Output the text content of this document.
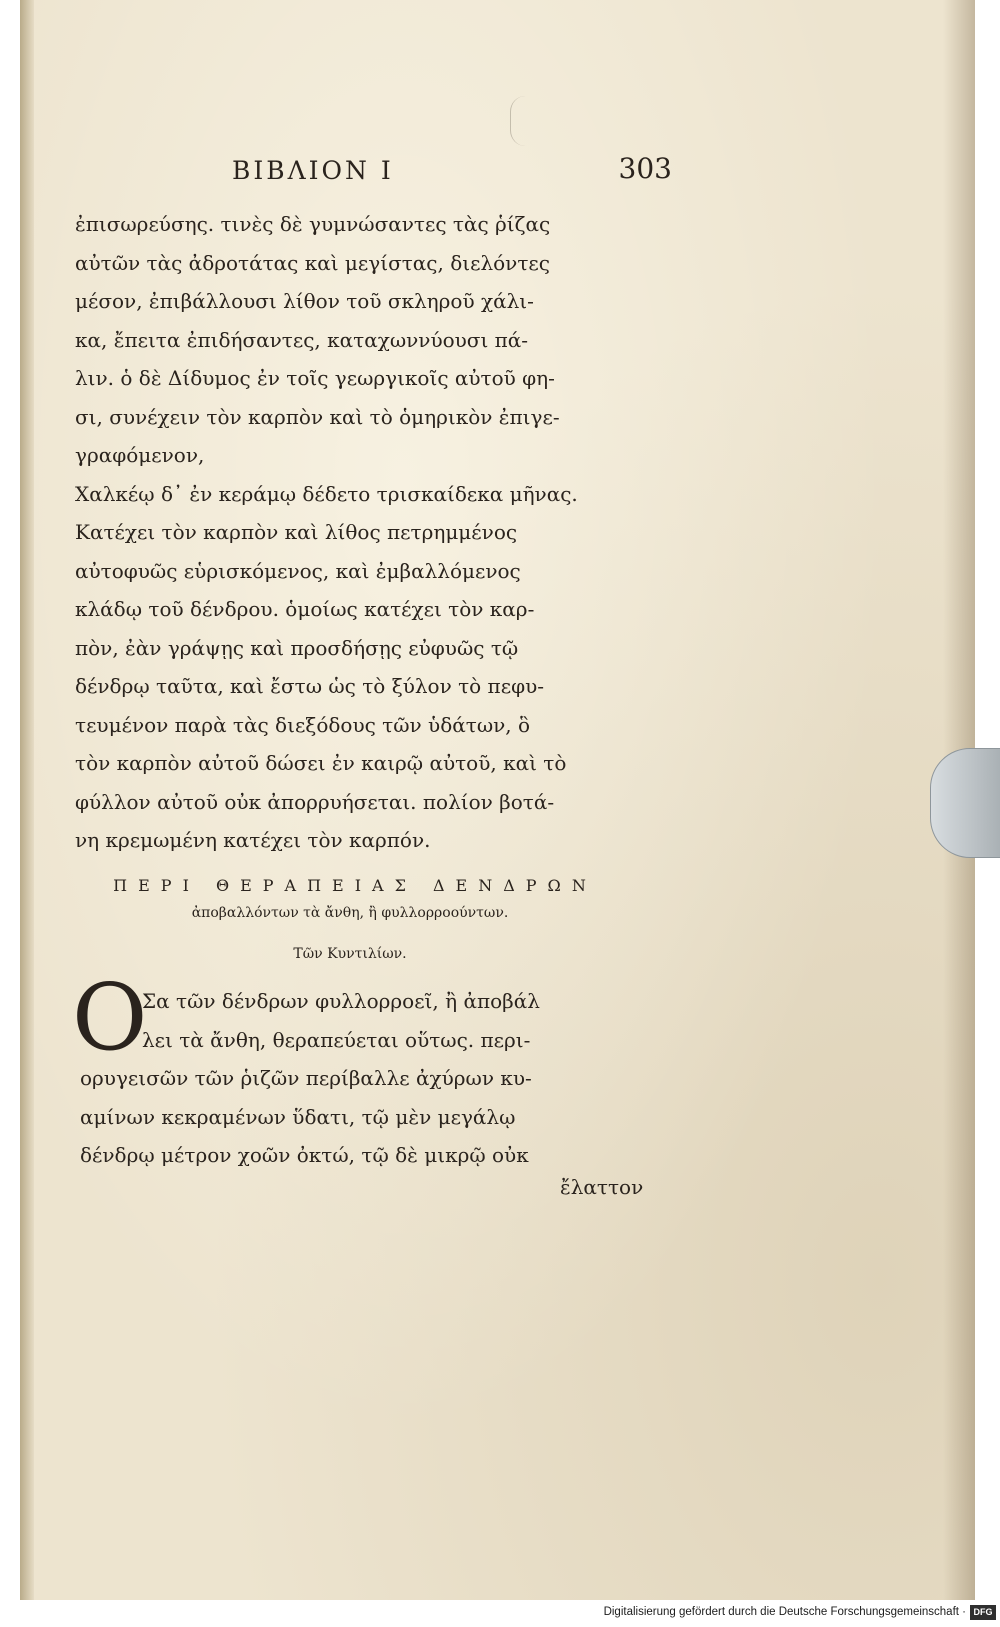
ΒΙΒΛΙΟΝ Ι	303
ἐπισωρεύσης. τινὲς δὲ γυμνώσαντες τὰς ῥίζας
αὐτῶν τὰς ἀδροτάτας καὶ μεγίστας, διελόντες
μέσον, ἐπιβάλλουσι λίθον τοῦ σκληροῦ χάλι-
κα, ἔπειτα ἐπιδήσαντες, καταχωννύουσι πά-
λιν. ὁ δὲ Δίδυμος ἐν τοῖς γεωργικοῖς αὐτοῦ φη-
σι, συνέχειν τὸν καρπὸν καὶ τὸ ὁμηρικὸν ἐπιγε-
γραφόμενον,
Χαλκέῳ δ᾽ ἐν κεράμῳ δέδετο τρισκαίδεκα μῆνας.
Κατέχει τὸν καρπὸν καὶ λίθος πετρημμένος
αὐτοφυῶς εὑρισκόμενος, καὶ ἐμβαλλόμενος
κλάδῳ τοῦ δένδρου. ὁμοίως κατέχει τὸν καρ-
πὸν, ἐὰν γράψῃς καὶ προσδήσῃς εὐφυῶς τῷ
δένδρῳ ταῦτα, καὶ ἔστω ὡς τὸ ξύλον τὸ πεφυ-
τευμένον παρὰ τὰς διεξόδους τῶν ὑδάτων, ὃ
τὸν καρπὸν αὐτοῦ δώσει ἐν καιρῷ αὐτοῦ, καὶ τὸ
φύλλον αὐτοῦ οὐκ ἀπορρυήσεται. πολίον βοτά-
νη κρεμωμένη κατέχει τὸν καρπόν.
ΠΕΡΙ ΘΕΡΑΠΕΙΑΣ ΔΕΝΔΡΩΝ
ἀποβαλλόντων τὰ ἄνθη, ἢ φυλλορροούντων.
Τῶν Κυντιλίων.
Ο
Σα τῶν δένδρων φυλλορροεῖ, ἢ ἀποβάλ
λει τὰ ἄνθη, θεραπεύεται οὕτως. περι-
ορυγεισῶν τῶν ῥιζῶν περίβαλλε ἀχύρων κυ-
αμίνων κεκραμένων ὕδατι, τῷ μὲν μεγάλῳ
δένδρῳ μέτρον χοῶν ὀκτώ, τῷ δὲ μικρῷ οὐκ
ἔλαττον
Digitalisierung gefördert durch die Deutsche Forschungsgemeinschaft · DFG
